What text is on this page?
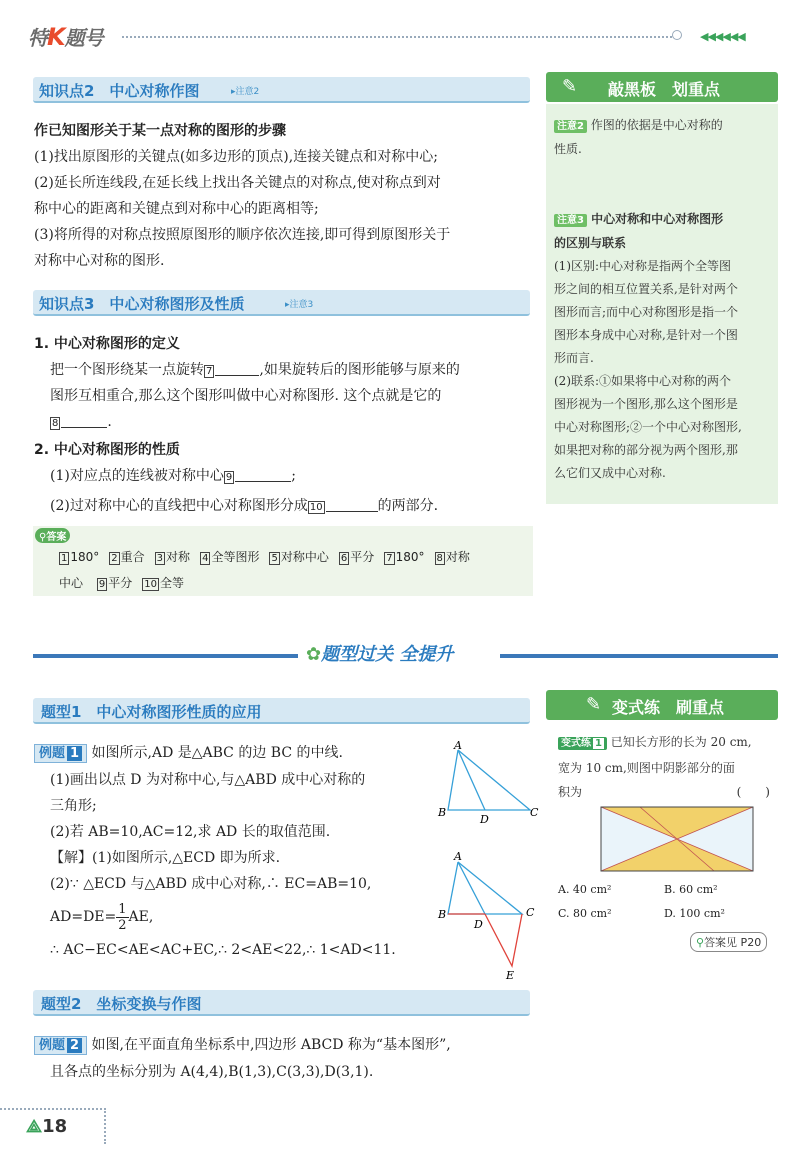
特K题号	◀◀◀◀◀◀
知识点2　中心对称作图	▸注意2
作已知图形关于某一点对称的图形的步骤
(1)找出原图形的关键点(如多边形的顶点),连接关键点和对称中心;
(2)延长所连线段,在延长线上找出各关键点的对称点,使对称点到对
称中心的距离和关键点到对称中心的距离相等;
(3)将所得的对称点按照原图形的顺序依次连接,即可得到原图形关于
对称中心对称的图形.
知识点3　中心对称图形及性质	▸注意3
1. 中心对称图形的定义
把一个图形绕某一点旋转 7	,如果旋转后的图形能够与原来的
图形互相重合,那么这个图形叫做中心对称图形. 这个点就是它的
8	.
2. 中心对称图形的性质
(1)对应点的连线被对称中心 9	;
(2)过对称中心的直线把中心对称图形分成 10	的两部分.
⚲答案
1 180° 2 重合 3 对称 4 全等图形 5 对称中心 6 平分 7 180° 8 对称
中心 9 平分 10 全等
✎ 敲黑板　划重点
注意2 作图的依据是中心对称的
性质.
注意3 中心对称和中心对称图形
的区别与联系
(1)区别:中心对称是指两个全等图
形之间的相互位置关系,是针对两个
图形而言;而中心对称图形是指一个
图形本身成中心对称,是针对一个图
形而言.
(2)联系:①如果将中心对称的两个
图形视为一个图形,那么这个图形是
中心对称图形;②一个中心对称图形,
如果把对称的部分视为两个图形,那
么它们又成中心对称.
✿题型过关 全提升
题型1　中心对称图形性质的应用
例题 1 如图所示,AD 是△ABC 的边 BC 的中线.
(1)画出以点 D 为对称中心,与△ABD 成中心对称的
三角形;
(2)若 AB=10,AC=12,求 AD 长的取值范围.
【解】(1)如图所示,△ECD 即为所求.
(2)∵ △ECD 与△ABD 成中心对称,∴ EC=AB=10,
$AD=DE= \frac{1}{2}$ AE,
∴ AC−EC<AE<AC+EC,∴ 2<AE<22,∴ 1<AD<11.
A
B	C
D
A
B	C
D
E
✎ 变式练　刷重点
变式练 1 已知长方形的长为 20 cm,
宽为 10 cm,则图中阴影部分的面
积为	(　　)
A. 40 cm²	B. 60 cm²
C. 80 cm²	D. 100 cm²
⚲答案见 P20
题型2　坐标变换与作图
例题 2 如图,在平面直角坐标系中,四边形 ABCD 称为“基本图形”,
且各点的坐标分别为 A(4,4),B(1,3),C(3,3),D(3,1).
⟁18
